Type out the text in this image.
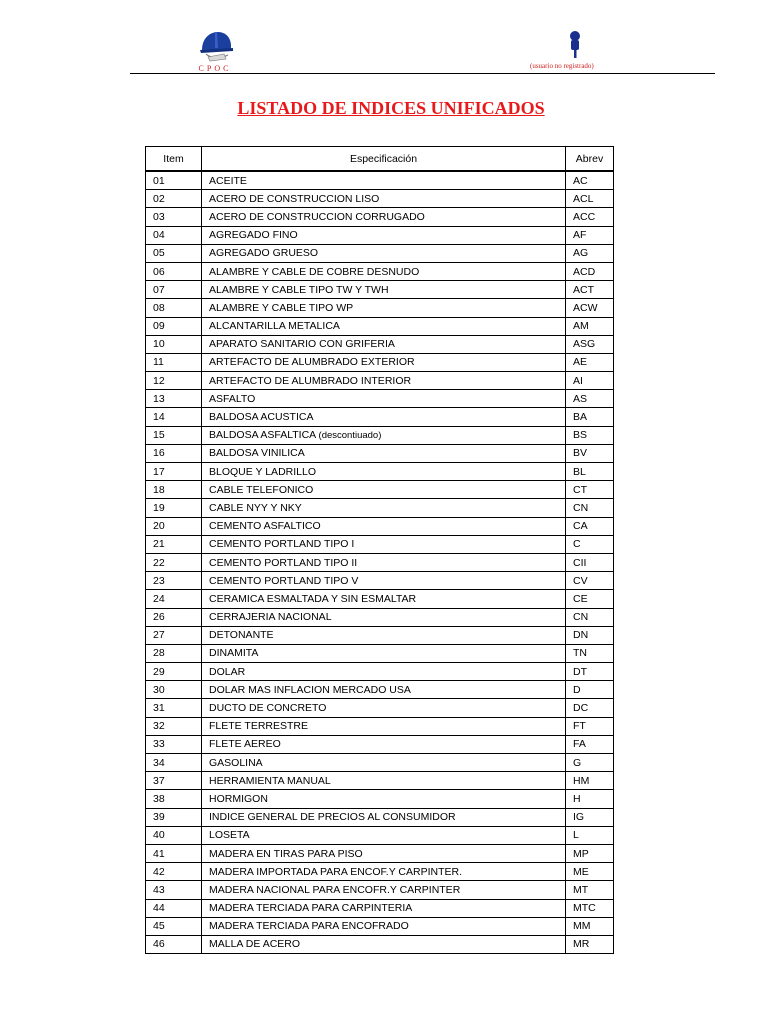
CPOC	(usuario no registrado)
LISTADO DE INDICES UNIFICADOS
Item	Especificación	Abrev
01	ACEITE	AC
02	ACERO DE CONSTRUCCION LISO	ACL
03	ACERO DE CONSTRUCCION CORRUGADO	ACC
04	AGREGADO FINO	AF
05	AGREGADO GRUESO	AG
06	ALAMBRE Y CABLE DE COBRE DESNUDO	ACD
07	ALAMBRE Y CABLE TIPO TW Y TWH	ACT
08	ALAMBRE Y CABLE TIPO WP	ACW
09	ALCANTARILLA METALICA	AM
10	APARATO SANITARIO CON GRIFERIA	ASG
11	ARTEFACTO DE ALUMBRADO EXTERIOR	AE
12	ARTEFACTO DE ALUMBRADO INTERIOR	AI
13	ASFALTO	AS
14	BALDOSA ACUSTICA	BA
15	BALDOSA ASFALTICA (descontiuado)	BS
16	BALDOSA VINILICA	BV
17	BLOQUE Y LADRILLO	BL
18	CABLE TELEFONICO	CT
19	CABLE NYY Y NKY	CN
20	CEMENTO ASFALTICO	CA
21	CEMENTO PORTLAND TIPO I	C
22	CEMENTO PORTLAND TIPO II	CII
23	CEMENTO PORTLAND TIPO V	CV
24	CERAMICA ESMALTADA Y SIN ESMALTAR	CE
26	CERRAJERIA NACIONAL	CN
27	DETONANTE	DN
28	DINAMITA	TN
29	DOLAR	DT
30	DOLAR MAS INFLACION MERCADO USA	D
31	DUCTO DE CONCRETO	DC
32	FLETE TERRESTRE	FT
33	FLETE AEREO	FA
34	GASOLINA	G
37	HERRAMIENTA MANUAL	HM
38	HORMIGON	H
39	INDICE GENERAL DE PRECIOS AL CONSUMIDOR	IG
40	LOSETA	L
41	MADERA EN TIRAS PARA PISO	MP
42	MADERA IMPORTADA PARA ENCOF.Y CARPINTER.	ME
43	MADERA NACIONAL PARA ENCOFR.Y CARPINTER	MT
44	MADERA TERCIADA PARA CARPINTERIA	MTC
45	MADERA TERCIADA PARA ENCOFRADO	MM
46	MALLA DE ACERO	MR
